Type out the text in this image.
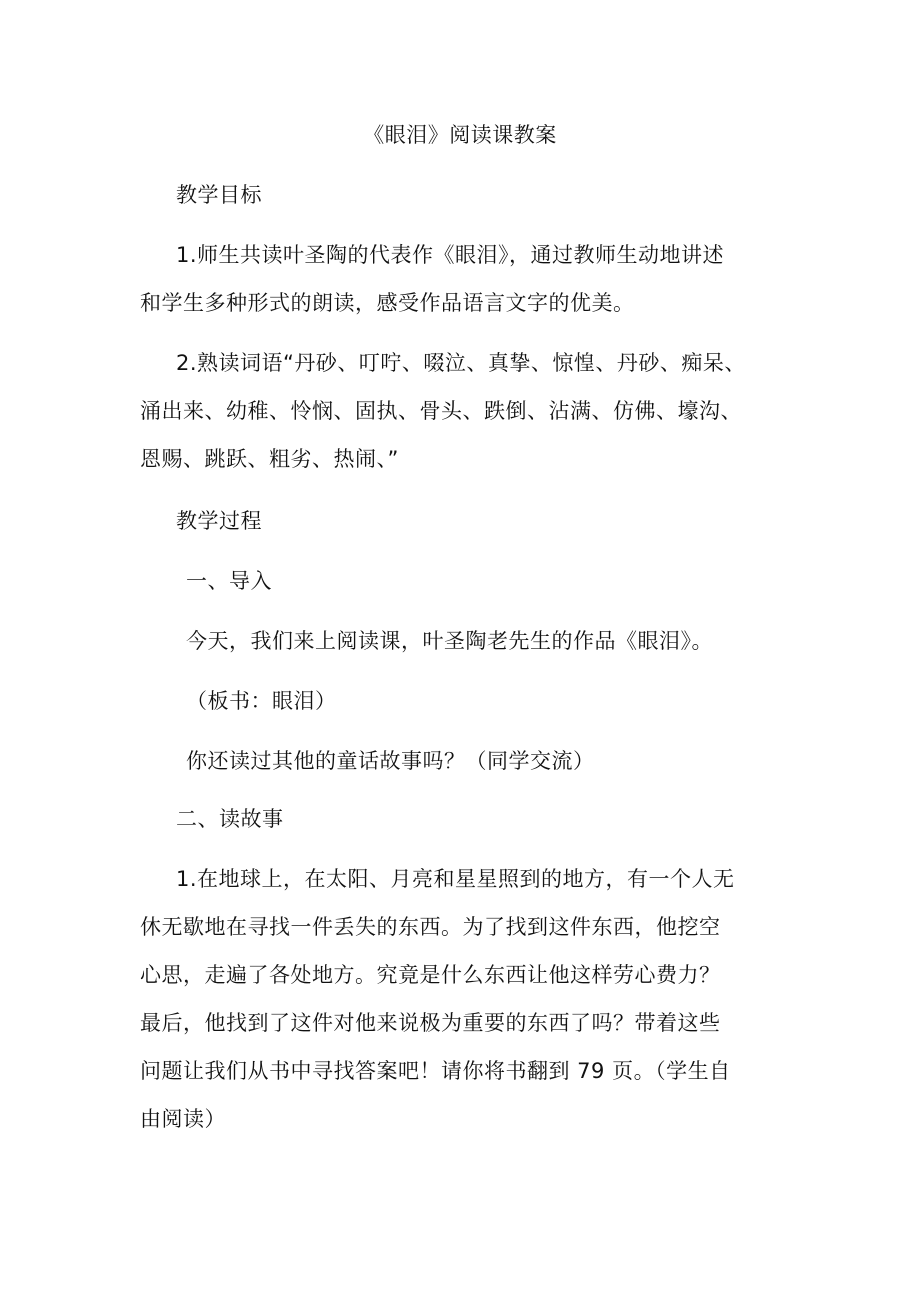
《眼泪》阅读课教案
教学目标
1.师生共读叶圣陶的代表作《眼泪》，通过教师生动地讲述
和学生多种形式的朗读，感受作品语言文字的优美。
2.熟读词语“丹砂、叮咛、啜泣、真挚、惊惶、丹砂、痴呆、
涌出来、幼稚、怜悯、固执、骨头、跌倒、沾满、仿佛、壕沟、
恩赐、跳跃、粗劣、热闹、”
教学过程
一、导入
今天，我们来上阅读课，叶圣陶老先生的作品《眼泪》。
（板书：眼泪）
你还读过其他的童话故事吗？（同学交流）
二、读故事
1.在地球上，在太阳、月亮和星星照到的地方，有一个人无
休无歇地在寻找一件丢失的东西。为了找到这件东西，他挖空
心思，走遍了各处地方。究竟是什么东西让他这样劳心费力？
最后，他找到了这件对他来说极为重要的东西了吗？带着这些
问题让我们从书中寻找答案吧！请你将书翻到 79 页。（学生自
由阅读）
